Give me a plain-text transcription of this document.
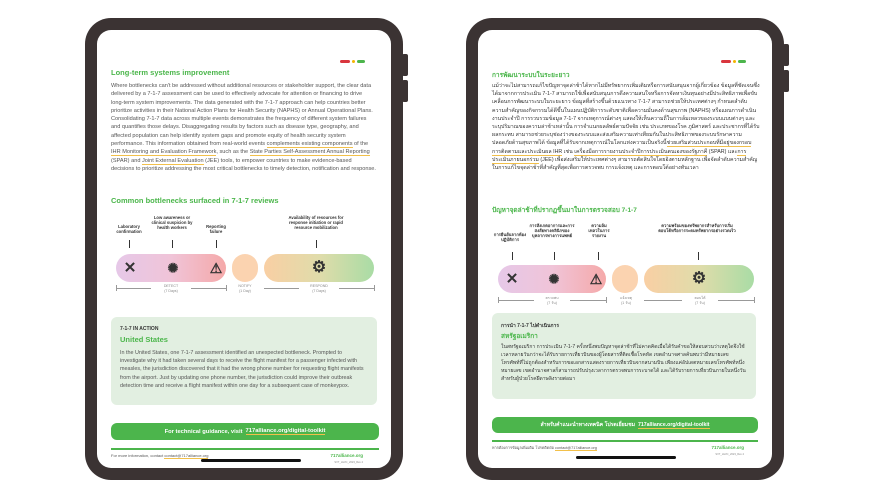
Long-term systems improvement
Where bottlenecks can't be addressed without additional resources or stakeholder support, the clear data delivered by a 7-1-7 assessment can be used to effectively advocate for attention or financing to drive long-term system improvements. The data generated with the 7-1-7 approach can help countries better prioritize activities in their National Action Plans for Health Security (NAPHS) or Annual Operational Plans. Consolidating 7-1-7 data across multiple events demonstrates the frequency of different system failures and quantifies those delays. Disaggregating results by factors such as disease type, geography, and affected population can help identify system gaps and promote equity of health security system performance. This information obtained from real-world events complements existing components of the IHR Monitoring and Evaluation Framework, such as the State Parties Self-Assessment Annual Reporting (SPAR) and Joint External Evaluation (JEE) tools, to empower countries to make evidence-based decisions to prioritize addressing the most critical bottlenecks to timely detection, notification and response.
Common bottlenecks surfaced in 7-1-7 reviews
Laboratory confirmation
Low awareness or clinical suspicion by health workers	Reporting failure
Availability of resources for response initiation or rapid resource mobilization
✕ ✺ ⚠	⚙
DETECT
(7 Days)
NOTIFY
(1 Day)
RESPOND
(7 Days)
7-1-7 IN ACTION
United States
In the United States, one 7-1-7 assessment identified an unexpected bottleneck. Prompted to investigate why it had taken several days to receive the flight manifest for a passenger infected with measles, the jurisdiction discovered that it had the wrong phone number for requesting flight manifests from the airport. Just by updating one phone number, the jurisdiction could improve their outbreak detection time and receive a flight manifest within one day for a subsequent case of monkeypox.
For technical guidance, visit 717alliance.org/digital-toolkit
For more information, contact contact@717alliance.org	717alliance.org
SVT_HLVC_2023_Rev 4
การพัฒนาระบบในระยะยาว
แม้ว่าจะไม่สามารถแก้ไขปัญหาจุดล่าช้าได้หากไม่มีทรัพยากรเพิ่มเติมหรือการสนับสนุนจากผู้เกี่ยวข้อง ข้อมูลที่ชัดเจนซึ่งได้มาจากการประเมิน 7-1-7 สามารถใช้เพื่อสนับสนุนการดึงความสนใจหรือการจัดหาเงินทุนอย่างมีประสิทธิภาพเพื่อขับเคลื่อนการพัฒนาระบบในระยะยาว ข้อมูลที่สร้างขึ้นด้วยแนวทาง 7-1-7 สามารถช่วยให้ประเทศต่างๆ กำหนดลำดับความสำคัญของกิจกรรมได้ดีขึ้นในแผนปฏิบัติการระดับชาติเพื่อความมั่นคงด้านสุขภาพ (NAPHS) หรือแผนการดำเนินงานประจำปี การรวบรวมข้อมูล 7-1-7 จากเหตุการณ์ต่างๆ แสดงให้เห็นความถี่ในการล้มเหลวของระบบแบบต่างๆ และระบุปริมาณของความล่าช้าเหล่านั้น การจำแนกผลลัพธ์ตามปัจจัย เช่น ประเภทของโรค ภูมิศาสตร์ และประชากรที่ได้รับผลกระทบ สามารถช่วยระบุช่องว่างของระบบและส่งเสริมความเท่าเทียมกันในประสิทธิภาพของระบบรักษาความปลอดภัยด้านสุขภาพได้ ข้อมูลที่ได้รับจากเหตุการณ์ในโลกแห่งความเป็นจริงนี้ช่วยเสริมส่วนประกอบที่มีอยู่ของกรอบการติดตามและประเมินผล IHR เช่น เครื่องมือการรายงานประจำปีการประเมินตนเองของรัฐภาคี (SPAR) และการประเมินภายนอกร่วม (JEE) เพื่อส่งเสริมให้ประเทศต่างๆ สามารถตัดสินใจโดยอิงตามหลักฐาน เพื่อจัดลำดับความสำคัญในการแก้ไขจุดล่าช้าที่สำคัญที่สุดเพื่อการตรวจพบ การแจ้งเหตุ และการตอบโต้อย่างทันเวลา
ปัญหาจุดล่าช้าที่ปรากฏขึ้นมาในการตรวจสอบ 7-1-7
การยืนยันจากห้องปฏิบัติการ
การสังเกตอาการและการสงสัยทางคลินิกของบุคลากรทางการแพทย์
ความล้มเหลวในการรายงาน
ความพร้อมของทรัพยากรสำหรับการเริ่มตอบโต้หรือการระดมทรัพยากรอย่างรวดเร็ว
✕ ✺ ⚠	⚙
ตรวจพบ
(7 วัน)
แจ้งเหตุ
(1 วัน)
ตอบโต้
(7 วัน)
การนำ 7-1-7 ไปดำเนินการ
สหรัฐอเมริกา
ในสหรัฐอเมริกา การประเมิน 7-1-7 ครั้งหนึ่งพบปัญหาจุดล่าช้าที่ไม่คาดคิดเมื่อได้รับคำขอให้สอบสวนว่าเหตุใดจึงใช้เวลาหลายวันกว่าจะได้รับรายการเที่ยวบินของผู้โดยสารที่ติดเชื้อโรคหัด เขตอำนาจศาลค้นพบว่ามีหมายเลขโทรศัพท์ที่ไม่ถูกต้องสำหรับการขอเอกสารแสดงรายการเที่ยวบินจากสนามบิน เพียงแค่อัปเดตหมายเลขโทรศัพท์หนึ่งหมายเลข เขตอำนาจศาลก็สามารถปรับปรุงเวลาการตรวจพบการระบาดได้ และได้รับรายการเที่ยวบินภายในหนึ่งวันสำหรับผู้ป่วยโรคฝีดาษลิงรายต่อมา
สำหรับคำแนะนำทางเทคนิค โปรดเยี่ยมชม 717alliance.org/digital-toolkit
หากต้องการข้อมูลเพิ่มเติม โปรดติดต่อ contact@717alliance.org	717alliance.org
SVT_HLVC_2023_Rev 4
